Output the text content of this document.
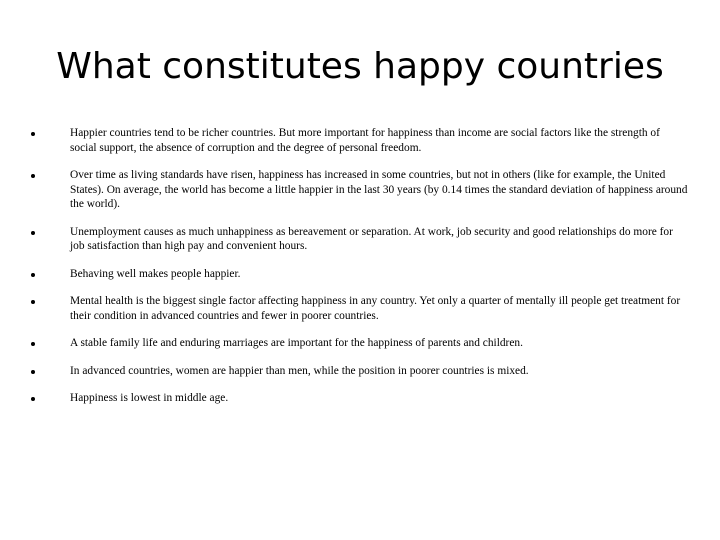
What constitutes happy countries
Happier countries tend to be richer countries. But more important for happiness than income are social factors like the strength of social support, the absence of corruption and the degree of personal freedom.
Over time as living standards have risen, happiness has increased in some countries, but not in others (like for example, the United States). On average, the world has become a little happier in the last 30 years (by 0.14 times the standard deviation of happiness around the world).
Unemployment causes as much unhappiness as bereavement or separation. At work, job security and good relationships do more for job satisfaction than high pay and convenient hours.
Behaving well makes people happier.
Mental health is the biggest single factor affecting happiness in any country. Yet only a quarter of mentally ill people get treatment for their condition in advanced countries and fewer in poorer countries.
A stable family life and enduring marriages are important for the happiness of parents and children.
In advanced countries, women are happier than men, while the position in poorer countries is mixed.
Happiness is lowest in middle age.
